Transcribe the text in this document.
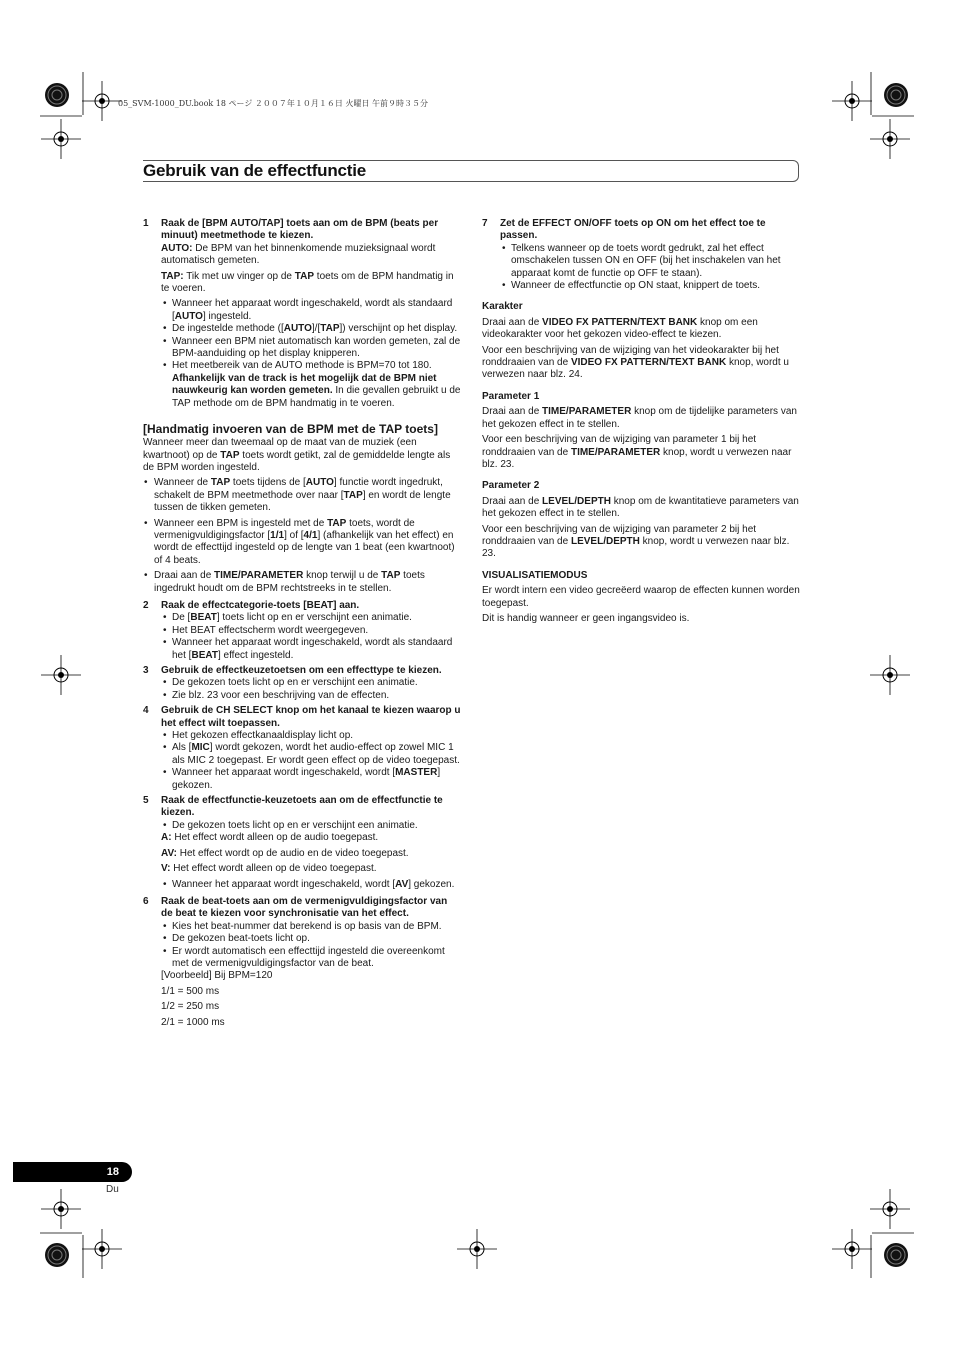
05_SVM-1000_DU.book 18 ページ ２００７年１０月１６日 火曜日 午前９時３５分
Gebruik van de effectfunctie
1 Raak de [BPM AUTO/TAP] toets aan om de BPM (beats per minuut) meetmethode te kiezen.
AUTO: De BPM van het binnenkomende muzieksignaal wordt automatisch gemeten.
TAP: Tik met uw vinger op de TAP toets om de BPM handmatig in te voeren.
• Wanneer het apparaat wordt ingeschakeld, wordt als standaard [AUTO] ingesteld.
• De ingestelde methode ([AUTO]/[TAP]) verschijnt op het display.
• Wanneer een BPM niet automatisch kan worden gemeten, zal de BPM-aanduiding op het display knipperen.
• Het meetbereik van de AUTO methode is BPM=70 tot 180. Afhankelijk van de track is het mogelijk dat de BPM niet nauwkeurig kan worden gemeten. In die gevallen gebruikt u de TAP methode om de BPM handmatig in te voeren.
[Handmatig invoeren van de BPM met de TAP toets]
Wanneer meer dan tweemaal op de maat van de muziek (een kwartnoot) op de TAP toets wordt getikt, zal de gemiddelde lengte als de BPM worden ingesteld.
• Wanneer de TAP toets tijdens de [AUTO] functie wordt ingedrukt, schakelt de BPM meetmethode over naar [TAP] en wordt de lengte tussen de tikken gemeten.
• Wanneer een BPM is ingesteld met de TAP toets, wordt de vermenigvuldigingsfactor [1/1] of [4/1] (afhankelijk van het effect) en wordt de effecttijd ingesteld op de lengte van 1 beat (een kwartnoot) of 4 beats.
• Draai aan de TIME/PARAMETER knop terwijl u de TAP toets ingedrukt houdt om de BPM rechtstreeks in te stellen.
2 Raak de effectcategorie-toets [BEAT] aan.
• De [BEAT] toets licht op en er verschijnt een animatie.
• Het BEAT effectscherm wordt weergegeven.
• Wanneer het apparaat wordt ingeschakeld, wordt als standaard het [BEAT] effect ingesteld.
3 Gebruik de effectkeuzetoetsen om een effecttype te kiezen.
• De gekozen toets licht op en er verschijnt een animatie.
• Zie blz. 23 voor een beschrijving van de effecten.
4 Gebruik de CH SELECT knop om het kanaal te kiezen waarop u het effect wilt toepassen.
• Het gekozen effectkanaaldisplay licht op.
• Als [MIC] wordt gekozen, wordt het audio-effect op zowel MIC 1 als MIC 2 toegepast. Er wordt geen effect op de video toegepast.
• Wanneer het apparaat wordt ingeschakeld, wordt [MASTER] gekozen.
5 Raak de effectfunctie-keuzetoets aan om de effectfunctie te kiezen.
• De gekozen toets licht op en er verschijnt een animatie.
A: Het effect wordt alleen op de audio toegepast.
AV: Het effect wordt op de audio en de video toegepast.
V: Het effect wordt alleen op de video toegepast.
• Wanneer het apparaat wordt ingeschakeld, wordt [AV] gekozen.
6 Raak de beat-toets aan om de vermenigvuldigingsfactor van de beat te kiezen voor synchronisatie van het effect.
• Kies het beat-nummer dat berekend is op basis van de BPM.
• De gekozen beat-toets licht op.
• Er wordt automatisch een effecttijd ingesteld die overeenkomt met de vermenigvuldigingsfactor van de beat.
[Voorbeeld] Bij BPM=120
1/1 = 500 ms
1/2 = 250 ms
2/1 = 1000 ms
7 Zet de EFFECT ON/OFF toets op ON om het effect toe te passen.
• Telkens wanneer op de toets wordt gedrukt, zal het effect omschakelen tussen ON en OFF (bij het inschakelen van het apparaat komt de functie op OFF te staan).
• Wanneer de effectfunctie op ON staat, knippert de toets.
Karakter
Draai aan de VIDEO FX PATTERN/TEXT BANK knop om een videokarakter voor het gekozen video-effect te kiezen.
Voor een beschrijving van de wijziging van het videokarakter bij het ronddraaien van de VIDEO FX PATTERN/TEXT BANK knop, wordt u verwezen naar blz. 24.
Parameter 1
Draai aan de TIME/PARAMETER knop om de tijdelijke parameters van het gekozen effect in te stellen.
Voor een beschrijving van de wijziging van parameter 1 bij het ronddraaien van de TIME/PARAMETER knop, wordt u verwezen naar blz. 23.
Parameter 2
Draai aan de LEVEL/DEPTH knop om de kwantitatieve parameters van het gekozen effect in te stellen.
Voor een beschrijving van de wijziging van parameter 2 bij het ronddraaien van de LEVEL/DEPTH knop, wordt u verwezen naar blz. 23.
VISUALISATIEMODUS
Er wordt intern een video gecreëerd waarop de effecten kunnen worden toegepast.
Dit is handig wanneer er geen ingangsvideo is.
18
Du
